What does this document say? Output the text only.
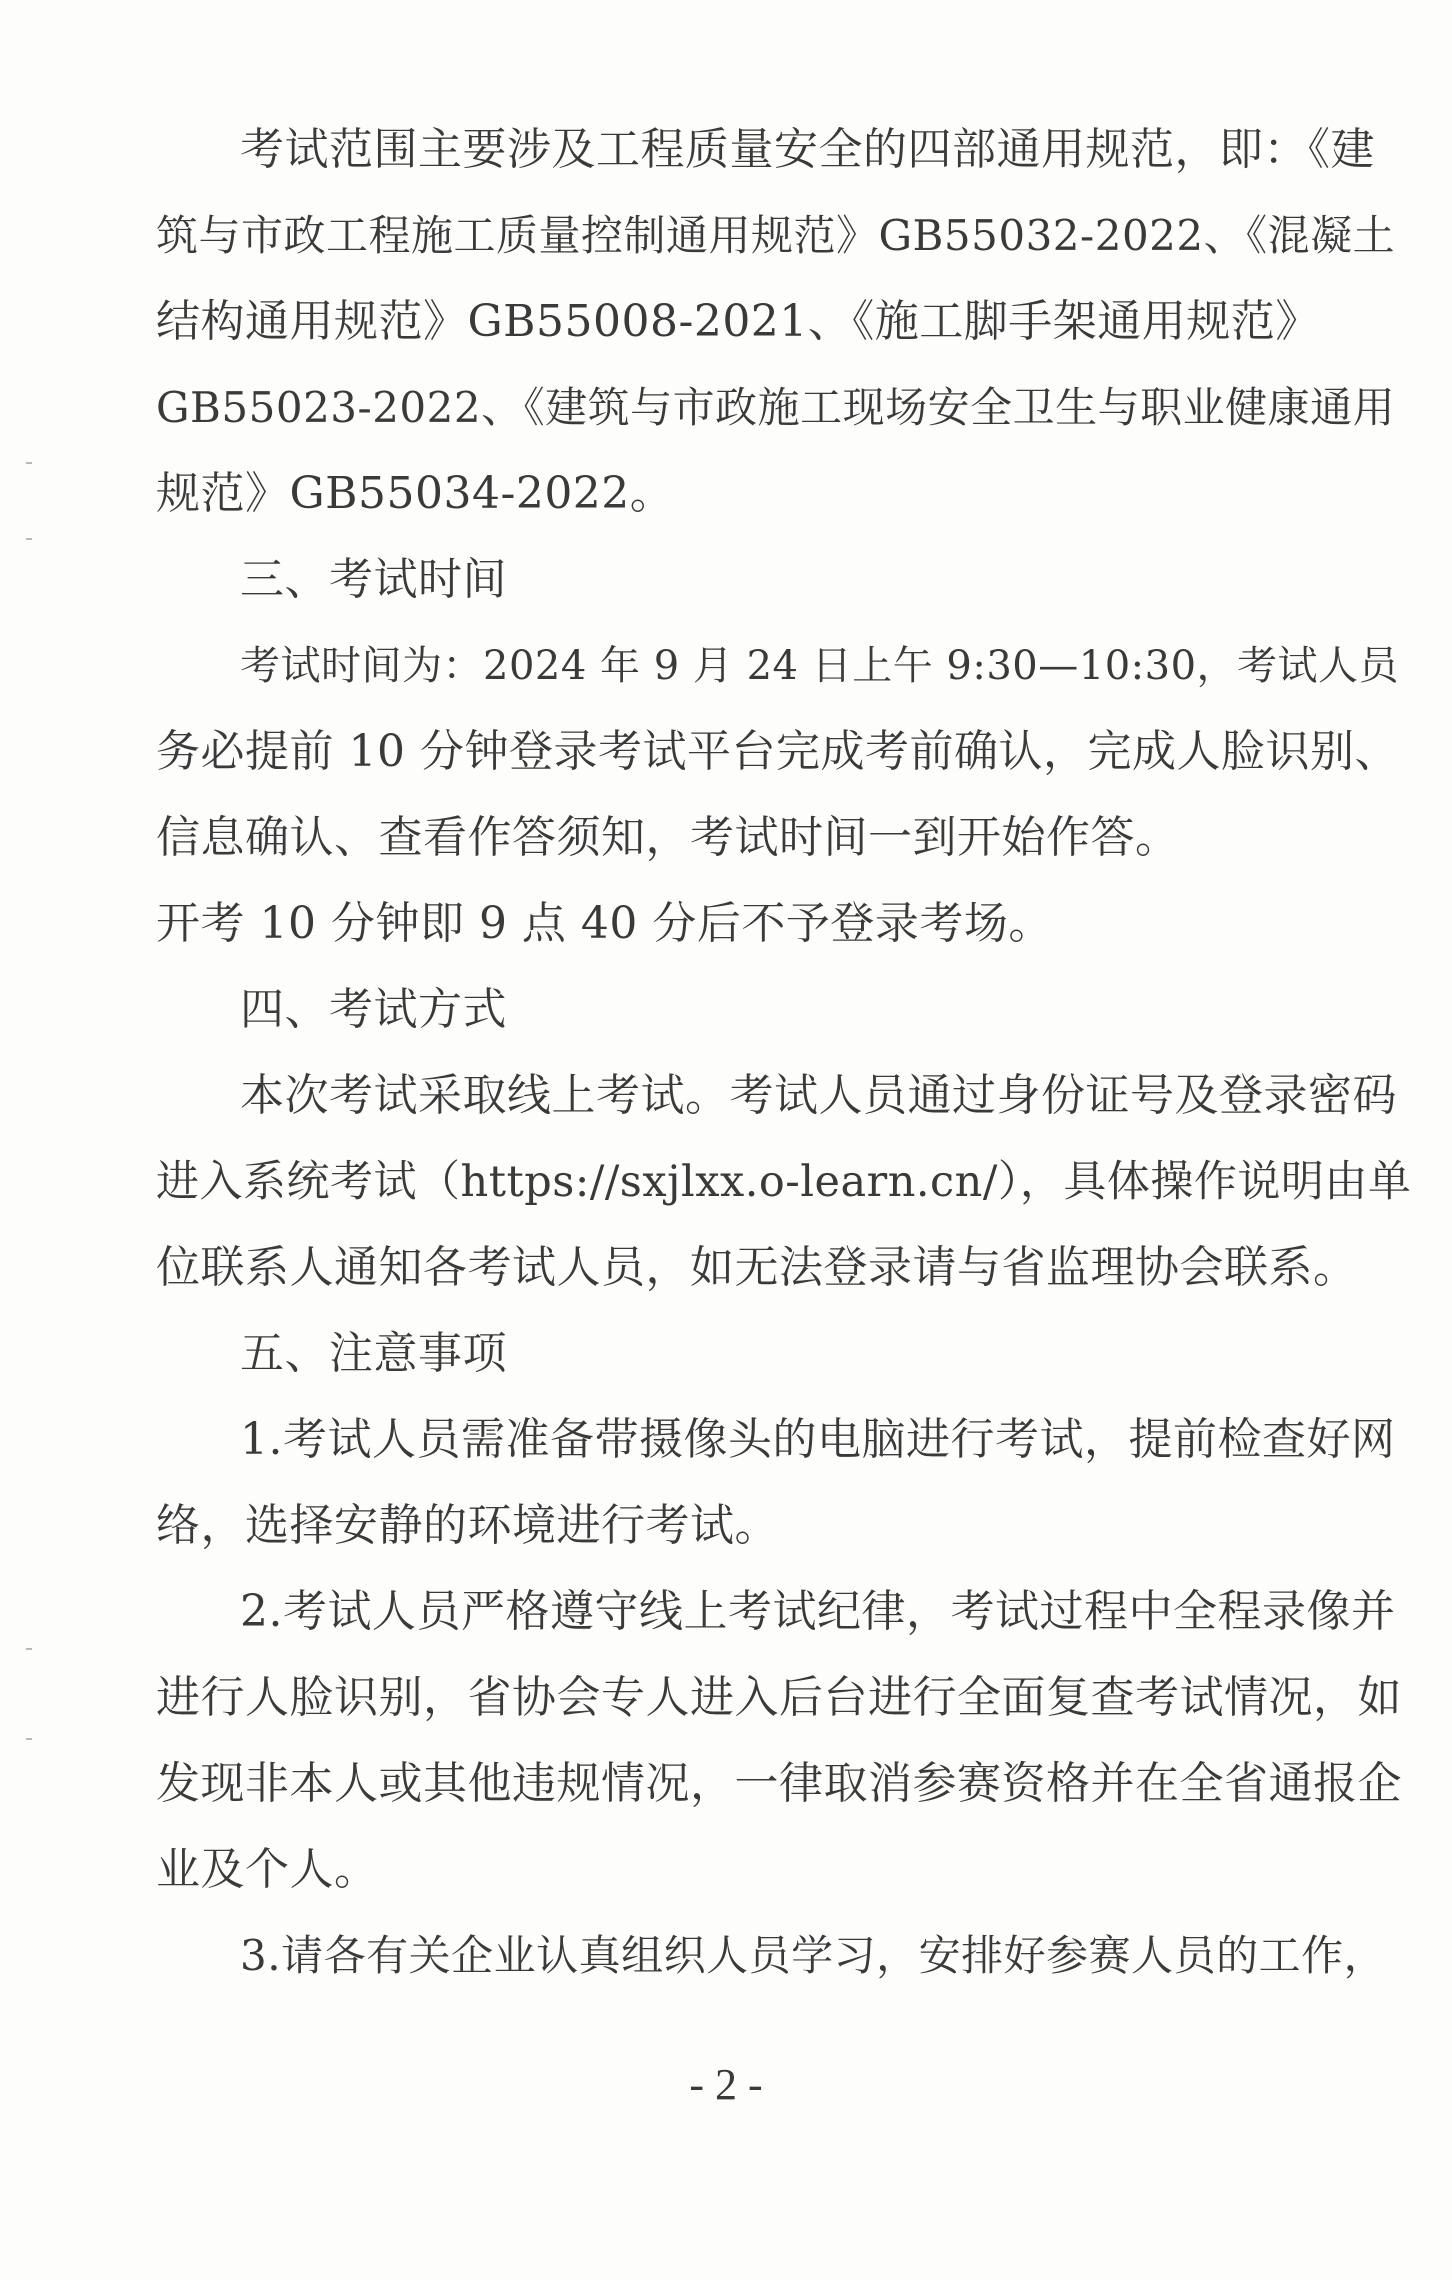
考试范围主要涉及工程质量安全的四部通用规范，即：《建
筑与市政工程施工质量控制通用规范》GB55032-2022、《混凝土
结构通用规范》GB55008-2021、《施工脚手架通用规范》
GB55023-2022、《建筑与市政施工现场安全卫生与职业健康通用
规范》GB55034-2022。
三、考试时间
考试时间为：2024 年 9 月 24 日上午 9:30—10:30，考试人员
务必提前 10 分钟登录考试平台完成考前确认，完成人脸识别、
信息确认、查看作答须知，考试时间一到开始作答。
开考 10 分钟即 9 点 40 分后不予登录考场。
四、考试方式
本次考试采取线上考试。考试人员通过身份证号及登录密码
进入系统考试（https://sxjlxx.o-learn.cn/），具体操作说明由单
位联系人通知各考试人员，如无法登录请与省监理协会联系。
五、注意事项
1.考试人员需准备带摄像头的电脑进行考试，提前检查好网
络，选择安静的环境进行考试。
2.考试人员严格遵守线上考试纪律，考试过程中全程录像并
进行人脸识别，省协会专人进入后台进行全面复查考试情况，如
发现非本人或其他违规情况，一律取消参赛资格并在全省通报企
业及个人。
3.请各有关企业认真组织人员学习，安排好参赛人员的工作，
- 2 -
